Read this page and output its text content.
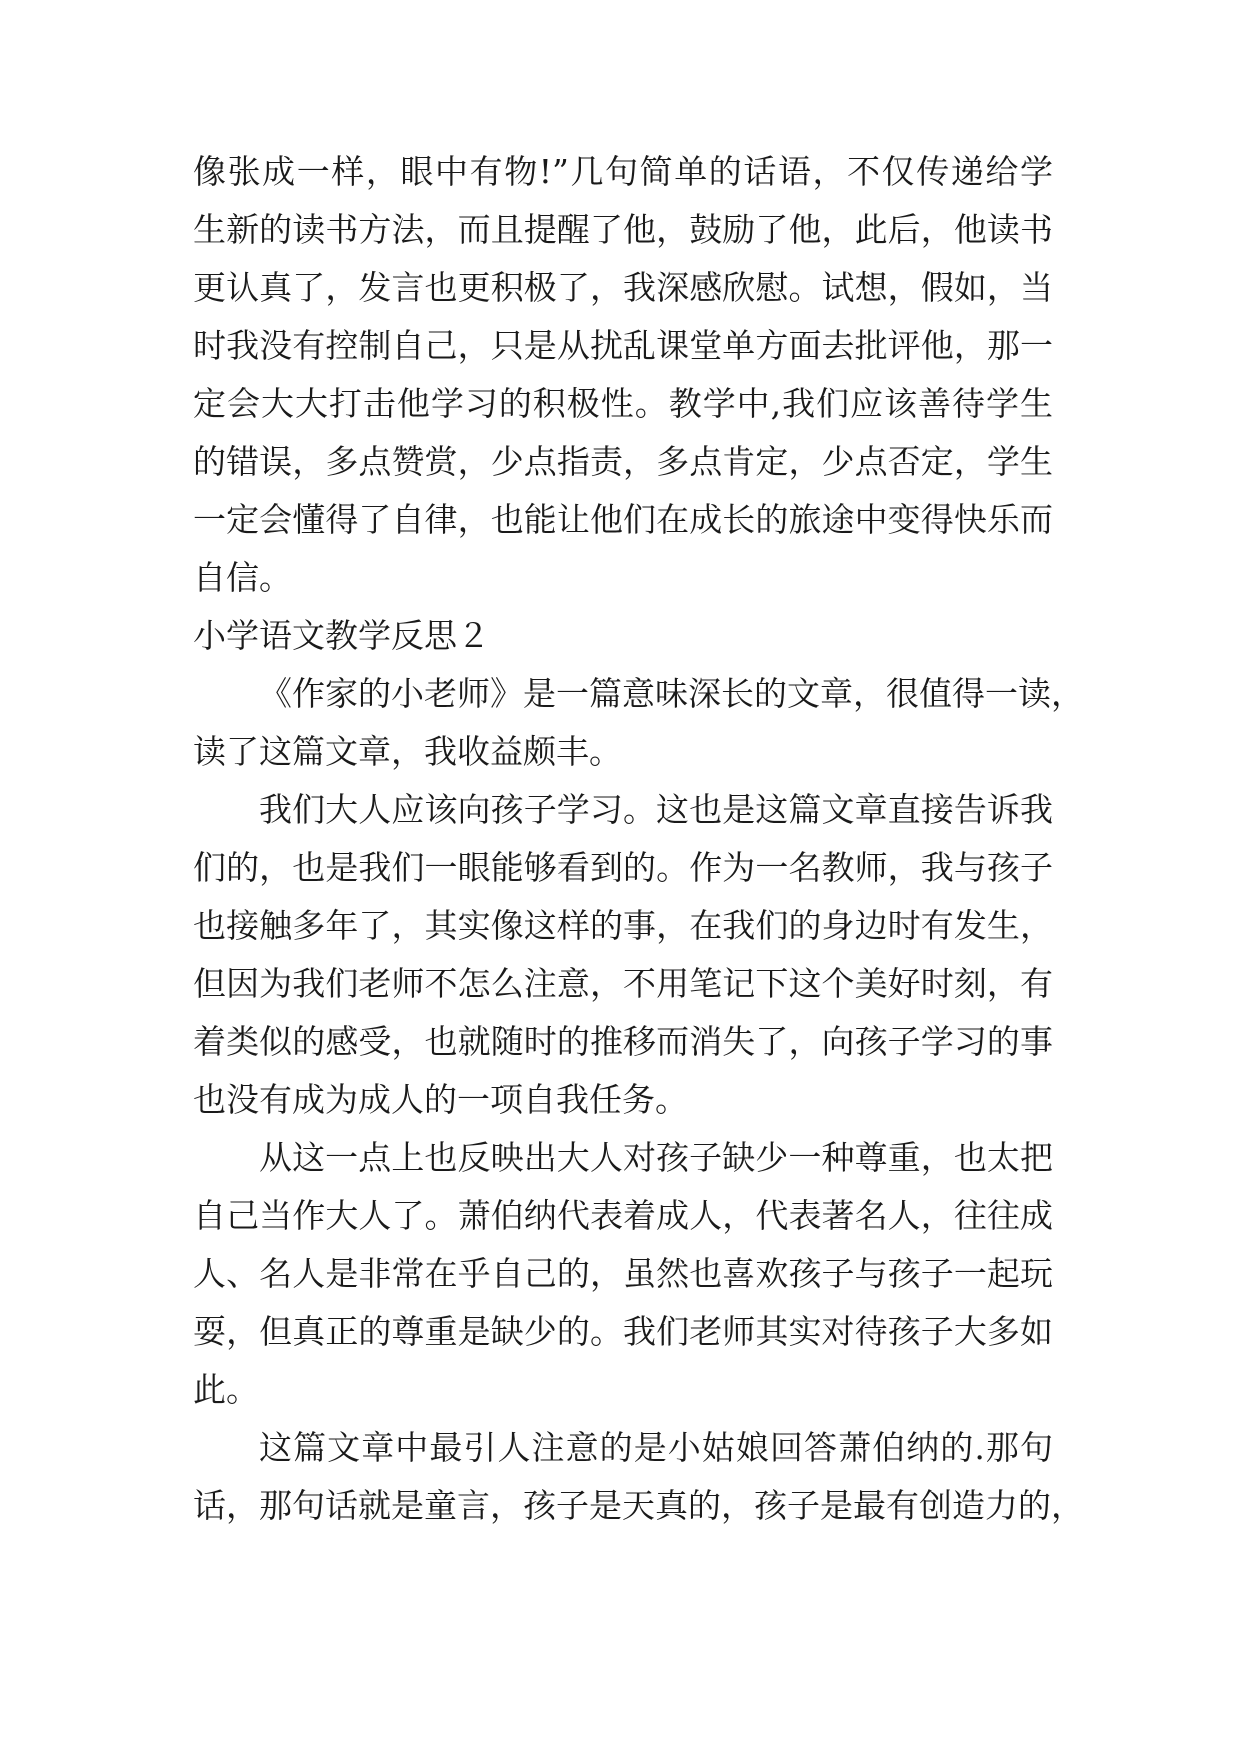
像张成一样，眼中有物!”几句简单的话语，不仅传递给学
生新的读书方法，而且提醒了他，鼓励了他，此后，他读书
更认真了，发言也更积极了，我深感欣慰。试想，假如，当
时我没有控制自己，只是从扰乱课堂单方面去批评他，那一
定会大大打击他学习的积极性。教学中,我们应该善待学生
的错误，多点赞赏，少点指责，多点肯定，少点否定，学生
一定会懂得了自律，也能让他们在成长的旅途中变得快乐而
自信。
小学语文教学反思２
《作家的小老师》是一篇意味深长的文章，很值得一读，
读了这篇文章，我收益颇丰。
我们大人应该向孩子学习。这也是这篇文章直接告诉我
们的，也是我们一眼能够看到的。作为一名教师，我与孩子
也接触多年了，其实像这样的事，在我们的身边时有发生，
但因为我们老师不怎么注意，不用笔记下这个美好时刻，有
着类似的感受，也就随时的推移而消失了，向孩子学习的事
也没有成为成人的一项自我任务。
从这一点上也反映出大人对孩子缺少一种尊重，也太把
自己当作大人了。萧伯纳代表着成人，代表著名人，往往成
人、名人是非常在乎自己的，虽然也喜欢孩子与孩子一起玩
耍，但真正的尊重是缺少的。我们老师其实对待孩子大多如
此。
这篇文章中最引人注意的是小姑娘回答萧伯纳的.那句
话，那句话就是童言，孩子是天真的，孩子是最有创造力的，
